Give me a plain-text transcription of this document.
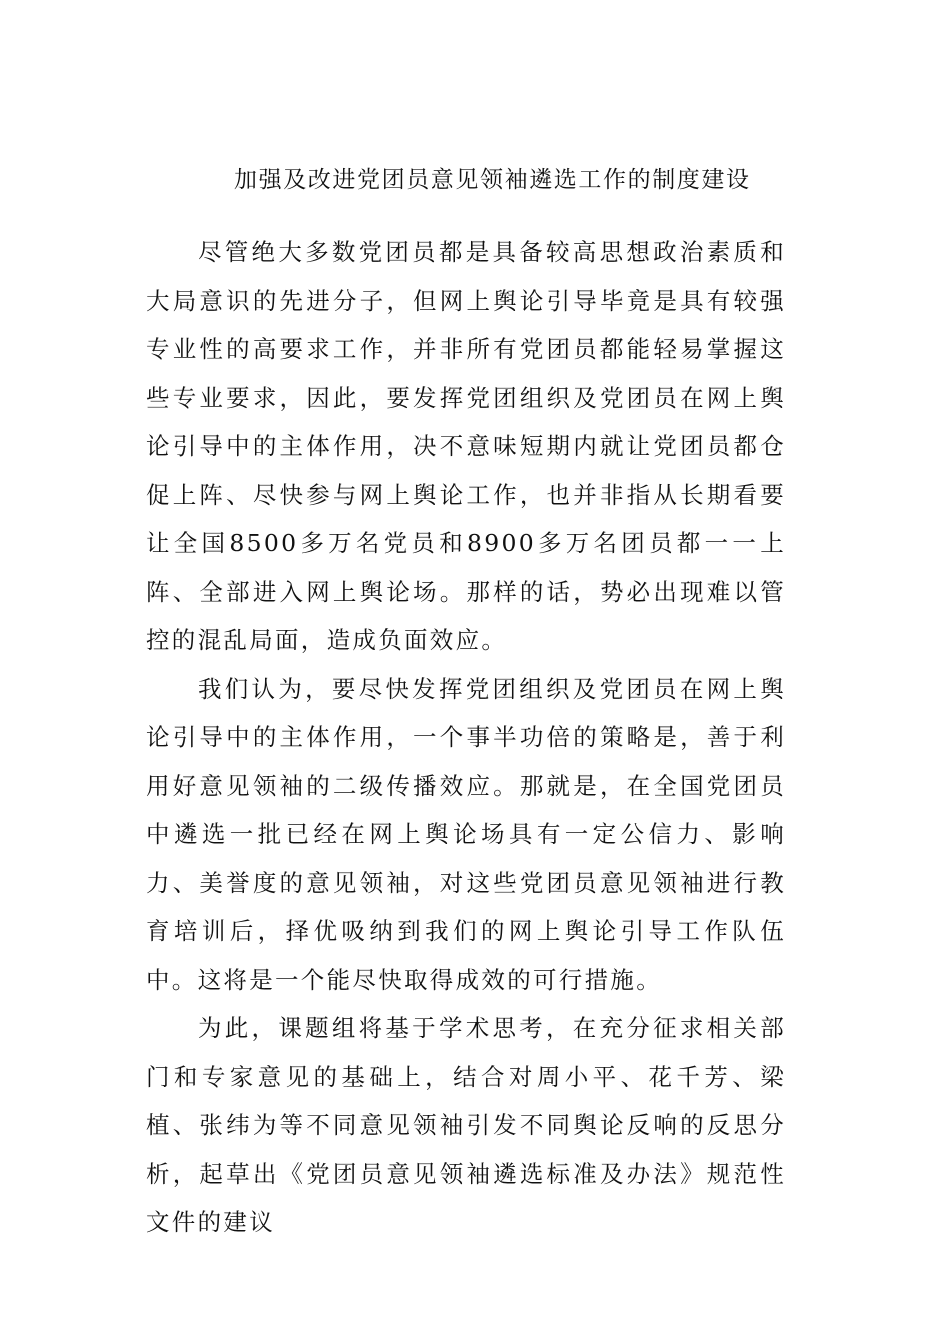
加强及改进党团员意见领袖遴选工作的制度建设

尽管绝大多数党团员都是具备较高思想政治素质和大局意识的先进分子，但网上舆论引导毕竟是具有较强专业性的高要求工作，并非所有党团员都能轻易掌握这些专业要求，因此，要发挥党团组织及党团员在网上舆论引导中的主体作用，决不意味短期内就让党团员都仓促上阵、尽快参与网上舆论工作，也并非指从长期看要让全国8500多万名党员和8900多万名团员都一一上阵、全部进入网上舆论场。那样的话，势必出现难以管控的混乱局面，造成负面效应。

我们认为，要尽快发挥党团组织及党团员在网上舆论引导中的主体作用，一个事半功倍的策略是，善于利用好意见领袖的二级传播效应。那就是，在全国党团员中遴选一批已经在网上舆论场具有一定公信力、影响力、美誉度的意见领袖，对这些党团员意见领袖进行教育培训后，择优吸纳到我们的网上舆论引导工作队伍中。这将是一个能尽快取得成效的可行措施。

为此，课题组将基于学术思考，在充分征求相关部门和专家意见的基础上，结合对周小平、花千芳、梁植、张纬为等不同意见领袖引发不同舆论反响的反思分析，起草出《党团员意见领袖遴选标准及办法》规范性文件的建议
